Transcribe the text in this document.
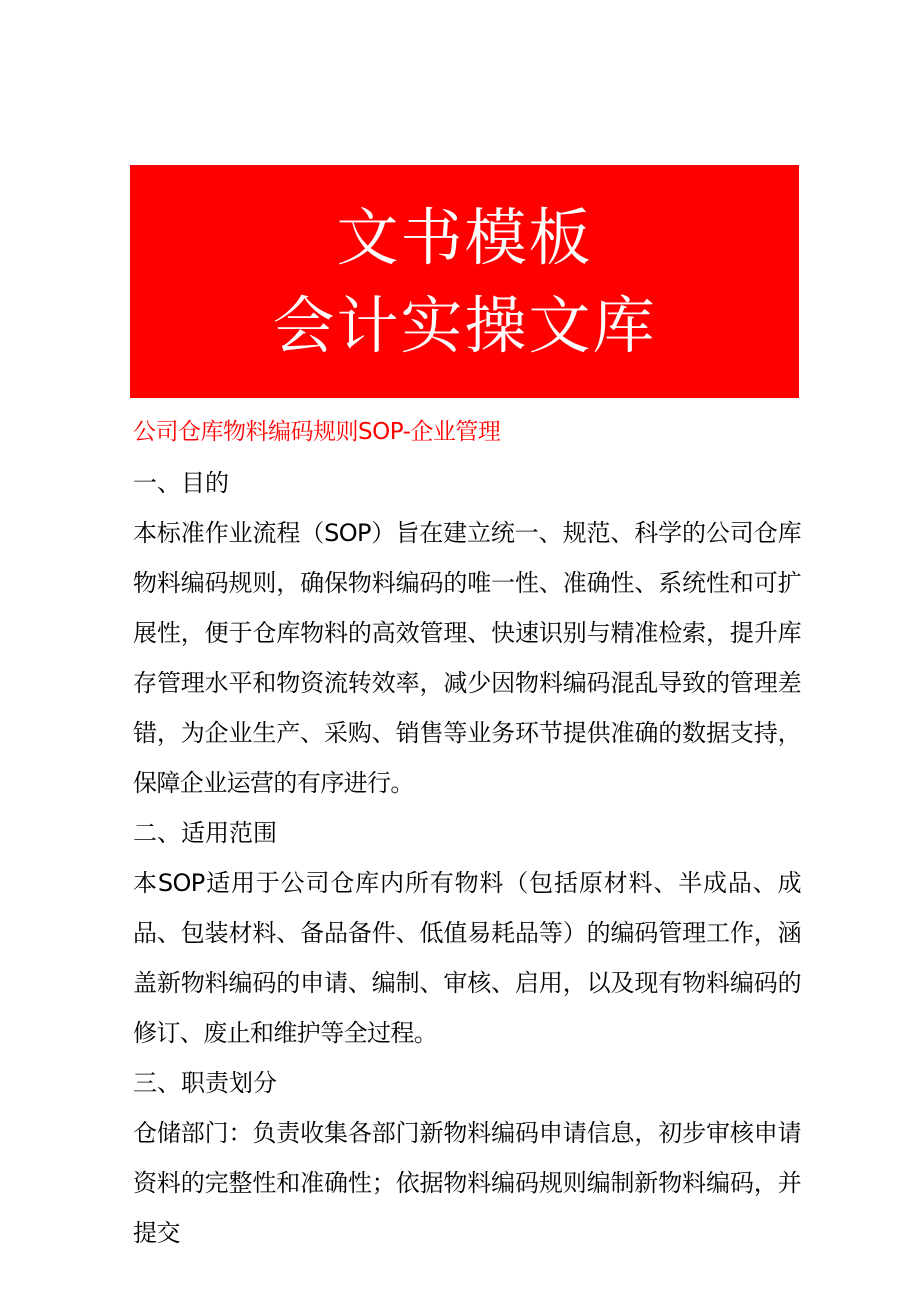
文书模板
会计实操文库
公司仓库物料编码规则SOP-企业管理
一、目的

本标准作业流程（SOP）旨在建立统一、规范、科学的公司仓库物料编码规则，确保物料编码的唯一性、准确性、系统性和可扩展性，便于仓库物料的高效管理、快速识别与精准检索，提升库存管理水平和物资流转效率，减少因物料编码混乱导致的管理差错，为企业生产、采购、销售等业务环节提供准确的数据支持，保障企业运营的有序进行。

二、适用范围

本SOP适用于公司仓库内所有物料（包括原材料、半成品、成品、包装材料、备品备件、低值易耗品等）的编码管理工作，涵盖新物料编码的申请、编制、审核、启用，以及现有物料编码的修订、废止和维护等全过程。

三、职责划分

仓储部门：负责收集各部门新物料编码申请信息，初步审核申请资料的完整性和准确性；依据物料编码规则编制新物料编码，并提交
